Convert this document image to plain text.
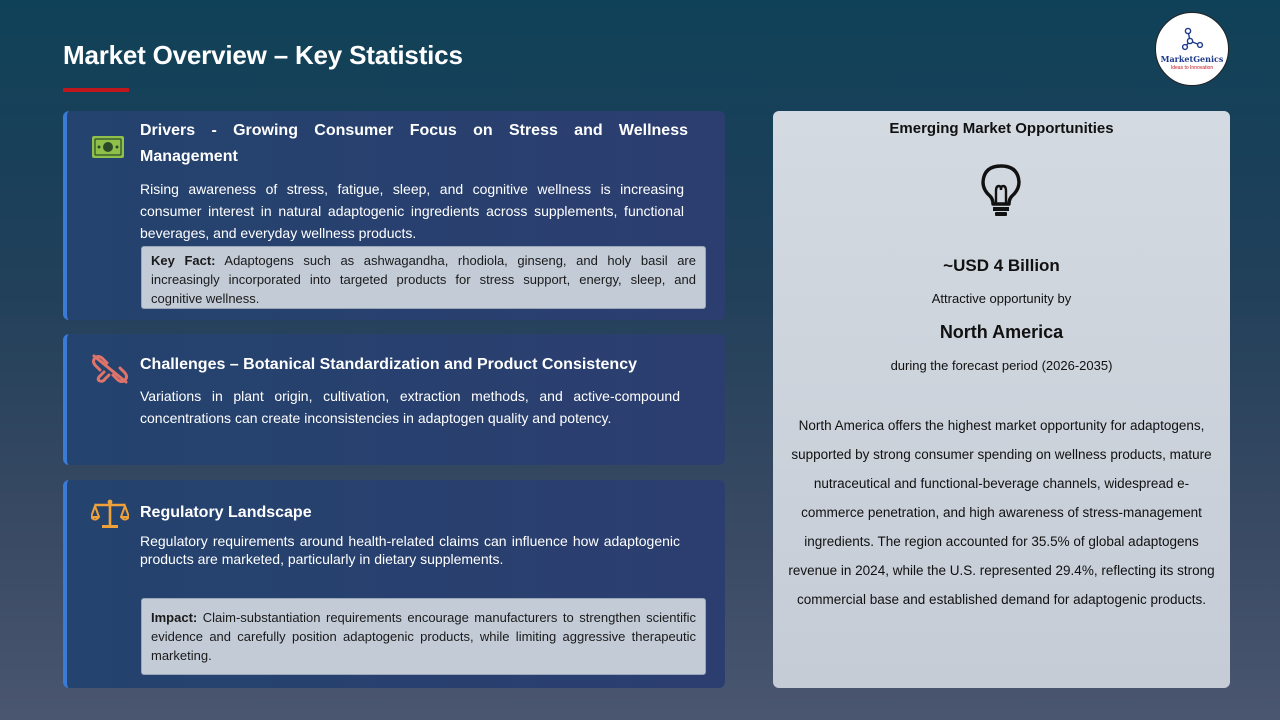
Market Overview – Key Statistics	MarketGenics
Ideas to Innovation
Drivers - Growing Consumer Focus on Stress and Wellness Management
Rising awareness of stress, fatigue, sleep, and cognitive wellness is increasing consumer interest in natural adaptogenic ingredients across supplements, functional beverages, and everyday wellness products.
Key Fact: Adaptogens such as ashwagandha, rhodiola, ginseng, and holy basil are increasingly incorporated into targeted products for stress support, energy, sleep, and cognitive wellness.
Challenges – Botanical Standardization and Product Consistency
Variations in plant origin, cultivation, extraction methods, and active-compound concentrations can create inconsistencies in adaptogen quality and potency.
Regulatory Landscape
Regulatory requirements around health-related claims can influence how adaptogenic products are marketed, particularly in dietary supplements.
Impact: Claim-substantiation requirements encourage manufacturers to strengthen scientific evidence and carefully position adaptogenic products, while limiting aggressive therapeutic marketing.
Emerging Market Opportunities
~USD 4 Billion
Attractive opportunity by
North America
during the forecast period (2026-2035)
North America offers the highest market opportunity for adaptogens, supported by strong consumer spending on wellness products, mature nutraceutical and functional-beverage channels, widespread e-commerce penetration, and high awareness of stress-management ingredients. The region accounted for 35.5% of global adaptogens revenue in 2024, while the U.S. represented 29.4%, reflecting its strong commercial base and established demand for adaptogenic products.
